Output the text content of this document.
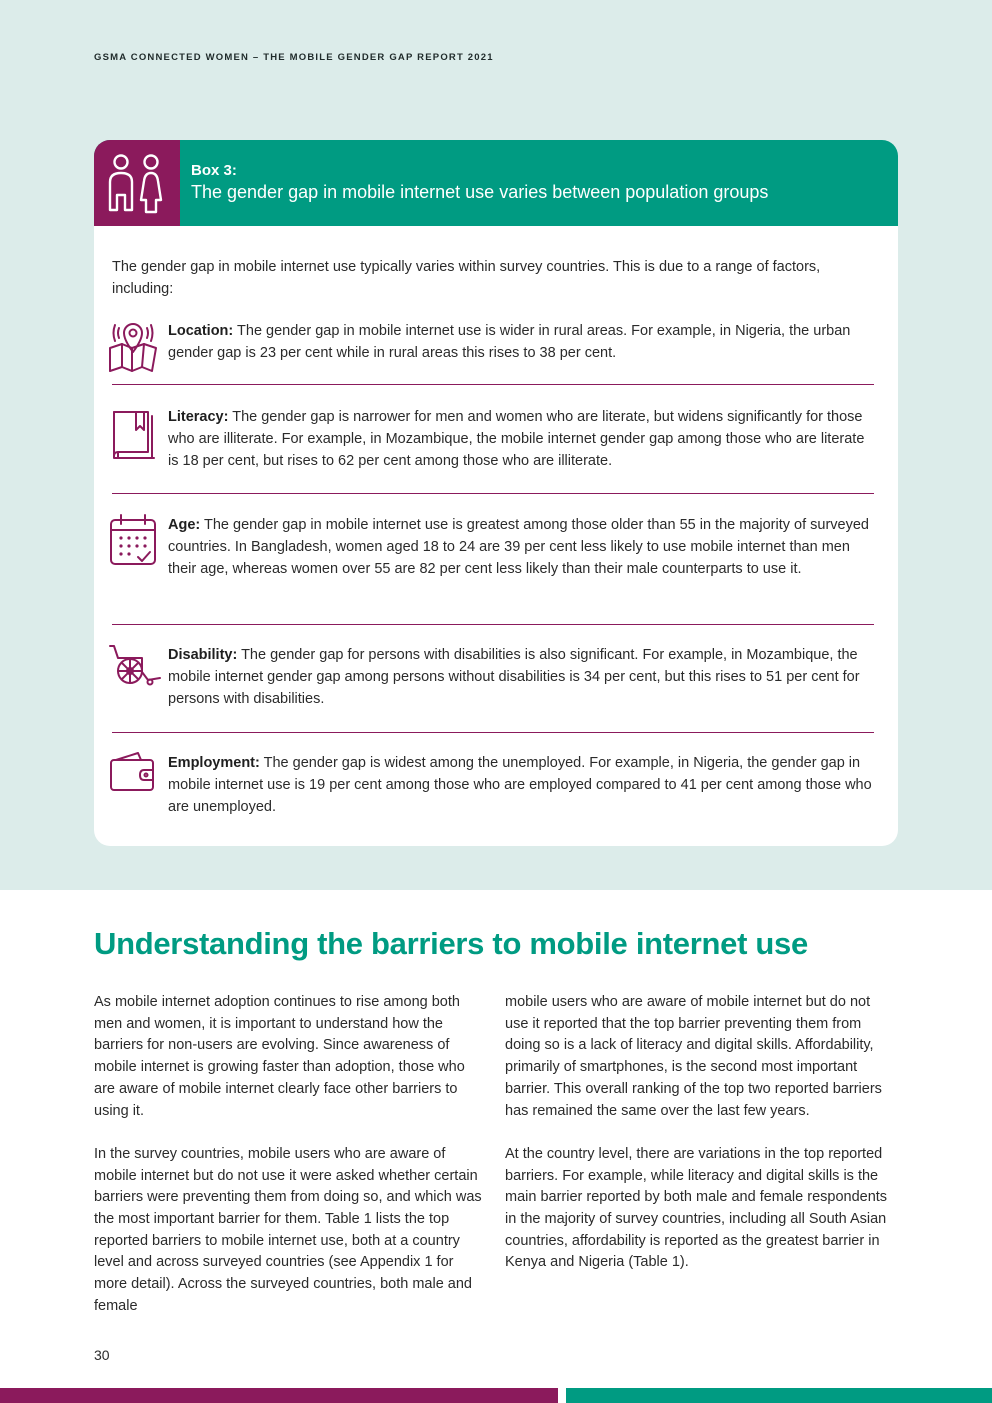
GSMA CONNECTED WOMEN – THE MOBILE GENDER GAP REPORT 2021
Box 3:
The gender gap in mobile internet use varies between population groups
The gender gap in mobile internet use typically varies within survey countries. This is due to a range of factors, including:
Location: The gender gap in mobile internet use is wider in rural areas. For example, in Nigeria, the urban gender gap is 23 per cent while in rural areas this rises to 38 per cent.
Literacy: The gender gap is narrower for men and women who are literate, but widens significantly for those who are illiterate. For example, in Mozambique, the mobile internet gender gap among those who are literate is 18 per cent, but rises to 62 per cent among those who are illiterate.
Age: The gender gap in mobile internet use is greatest among those older than 55 in the majority of surveyed countries. In Bangladesh, women aged 18 to 24 are 39 per cent less likely to use mobile internet than men their age, whereas women over 55 are 82 per cent less likely than their male counterparts to use it.
Disability: The gender gap for persons with disabilities is also significant. For example, in Mozambique, the mobile internet gender gap among persons without disabilities is 34 per cent, but this rises to 51 per cent for persons with disabilities.
Employment: The gender gap is widest among the unemployed. For example, in Nigeria, the gender gap in mobile internet use is 19 per cent among those who are employed compared to 41 per cent among those who are unemployed.
Understanding the barriers to mobile internet use

As mobile internet adoption continues to rise among both men and women, it is important to understand how the barriers for non-users are evolving. Since awareness of mobile internet is growing faster than adoption, those who are aware of mobile internet clearly face other barriers to using it.

In the survey countries, mobile users who are aware of mobile internet but do not use it were asked whether certain barriers were preventing them from doing so, and which was the most important barrier for them. Table 1 lists the top reported barriers to mobile internet use, both at a country level and across surveyed countries (see Appendix 1 for more detail). Across the surveyed countries, both male and female

mobile users who are aware of mobile internet but do not use it reported that the top barrier preventing them from doing so is a lack of literacy and digital skills. Affordability, primarily of smartphones, is the second most important barrier. This overall ranking of the top two reported barriers has remained the same over the last few years.

At the country level, there are variations in the top reported barriers. For example, while literacy and digital skills is the main barrier reported by both male and female respondents in the majority of survey countries, including all South Asian countries, affordability is reported as the greatest barrier in Kenya and Nigeria (Table 1).

30
